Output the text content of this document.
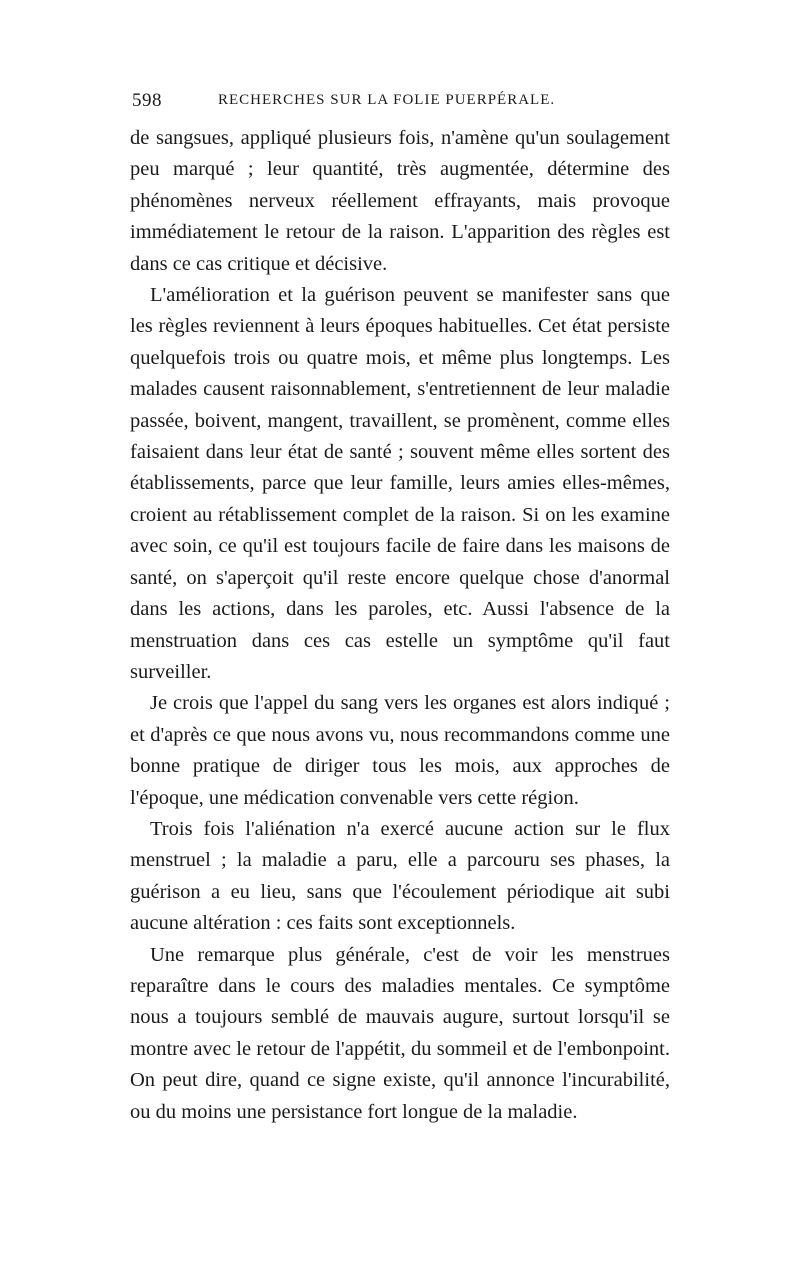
598	RECHERCHES SUR LA FOLIE PUERPÉRALE.

de sangsues, appliqué plusieurs fois, n'amène qu'un soulagement peu marqué ; leur quantité, très augmentée, détermine des phénomènes nerveux réellement effrayants, mais provoque immédiatement le retour de la raison. L'apparition des règles est dans ce cas critique et décisive.

L'amélioration et la guérison peuvent se manifester sans que les règles reviennent à leurs époques habituelles. Cet état persiste quelquefois trois ou quatre mois, et même plus longtemps. Les malades causent raisonnablement, s'entretiennent de leur maladie passée, boivent, mangent, travaillent, se promènent, comme elles faisaient dans leur état de santé ; souvent même elles sortent des établissements, parce que leur famille, leurs amies elles-mêmes, croient au rétablissement complet de la raison. Si on les examine avec soin, ce qu'il est toujours facile de faire dans les maisons de santé, on s'aperçoit qu'il reste encore quelque chose d'anormal dans les actions, dans les paroles, etc. Aussi l'absence de la menstruation dans ces cas estelle un symptôme qu'il faut surveiller.

Je crois que l'appel du sang vers les organes est alors indiqué ; et d'après ce que nous avons vu, nous recommandons comme une bonne pratique de diriger tous les mois, aux approches de l'époque, une médication convenable vers cette région.

Trois fois l'aliénation n'a exercé aucune action sur le flux menstruel ; la maladie a paru, elle a parcouru ses phases, la guérison a eu lieu, sans que l'écoulement périodique ait subi aucune altération : ces faits sont exceptionnels.

Une remarque plus générale, c'est de voir les menstrues reparaître dans le cours des maladies mentales. Ce symptôme nous a toujours semblé de mauvais augure, surtout lorsqu'il se montre avec le retour de l'appétit, du sommeil et de l'embonpoint. On peut dire, quand ce signe existe, qu'il annonce l'incurabilité, ou du moins une persistance fort longue de la maladie.
